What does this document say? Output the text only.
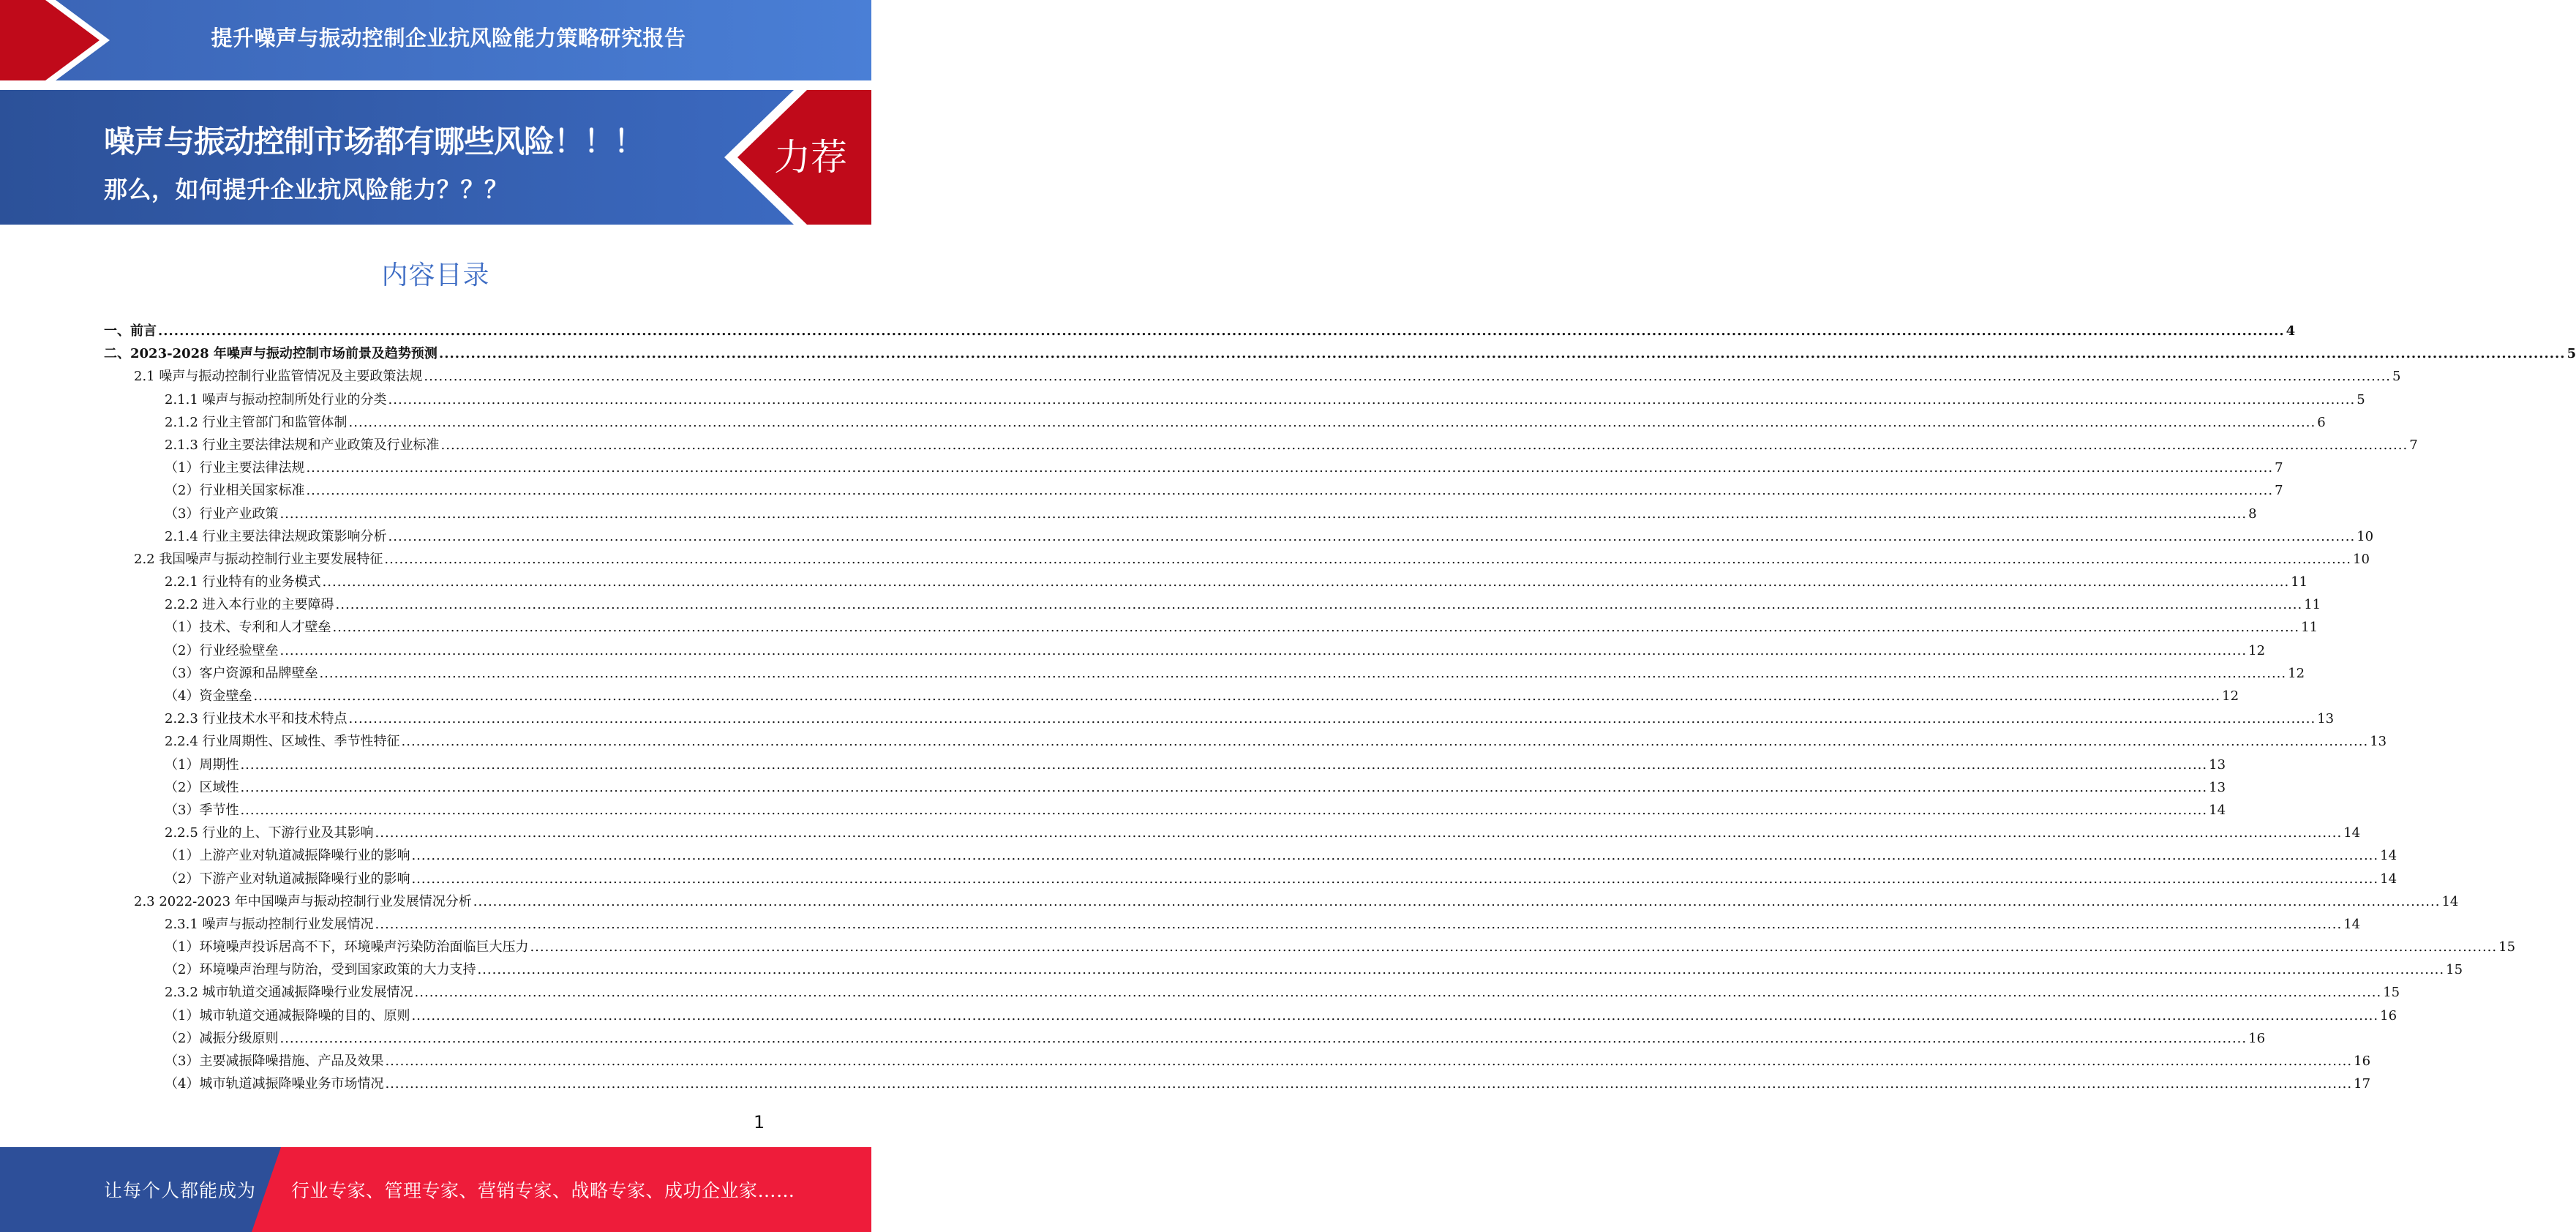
提升噪声与振动控制企业抗风险能力策略研究报告
噪声与振动控制市场都有哪些风险！！！
那么，如何提升企业抗风险能力？？？
力荐
内容目录
一、前言 ................................................................................................................................................................................................................................................................................................................................................................................................................ 4
二、2023-2028 年噪声与振动控制市场前景及趋势预测 ................................................................................................................................................................................................................................................................................................................................................................................................................ 5
2.1 噪声与振动控制行业监管情况及主要政策法规 ................................................................................................................................................................................................................................................................................................................................................................................................................ 5
2.1.1 噪声与振动控制所处行业的分类 ................................................................................................................................................................................................................................................................................................................................................................................................................ 5
2.1.2 行业主管部门和监管体制 ................................................................................................................................................................................................................................................................................................................................................................................................................ 6
2.1.3 行业主要法律法规和产业政策及行业标准 ................................................................................................................................................................................................................................................................................................................................................................................................................ 7
（1）行业主要法律法规 ................................................................................................................................................................................................................................................................................................................................................................................................................ 7
（2）行业相关国家标准 ................................................................................................................................................................................................................................................................................................................................................................................................................ 7
（3）行业产业政策 ................................................................................................................................................................................................................................................................................................................................................................................................................ 8
2.1.4 行业主要法律法规政策影响分析 ................................................................................................................................................................................................................................................................................................................................................................................................................ 10
2.2 我国噪声与振动控制行业主要发展特征 ................................................................................................................................................................................................................................................................................................................................................................................................................ 10
2.2.1 行业特有的业务模式 ................................................................................................................................................................................................................................................................................................................................................................................................................ 11
2.2.2 进入本行业的主要障碍 ................................................................................................................................................................................................................................................................................................................................................................................................................ 11
（1）技术、专利和人才壁垒 ................................................................................................................................................................................................................................................................................................................................................................................................................ 11
（2）行业经验壁垒 ................................................................................................................................................................................................................................................................................................................................................................................................................ 12
（3）客户资源和品牌壁垒 ................................................................................................................................................................................................................................................................................................................................................................................................................ 12
（4）资金壁垒 ................................................................................................................................................................................................................................................................................................................................................................................................................ 12
2.2.3 行业技术水平和技术特点 ................................................................................................................................................................................................................................................................................................................................................................................................................ 13
2.2.4 行业周期性、区域性、季节性特征 ................................................................................................................................................................................................................................................................................................................................................................................................................ 13
（1）周期性 ................................................................................................................................................................................................................................................................................................................................................................................................................ 13
（2）区域性 ................................................................................................................................................................................................................................................................................................................................................................................................................ 13
（3）季节性 ................................................................................................................................................................................................................................................................................................................................................................................................................ 14
2.2.5 行业的上、下游行业及其影响 ................................................................................................................................................................................................................................................................................................................................................................................................................ 14
（1）上游产业对轨道减振降噪行业的影响 ................................................................................................................................................................................................................................................................................................................................................................................................................ 14
（2）下游产业对轨道减振降噪行业的影响 ................................................................................................................................................................................................................................................................................................................................................................................................................ 14
2.3 2022-2023 年中国噪声与振动控制行业发展情况分析 ................................................................................................................................................................................................................................................................................................................................................................................................................ 14
2.3.1 噪声与振动控制行业发展情况 ................................................................................................................................................................................................................................................................................................................................................................................................................ 14
（1）环境噪声投诉居高不下，环境噪声污染防治面临巨大压力 ................................................................................................................................................................................................................................................................................................................................................................................................................ 15
（2）环境噪声治理与防治，受到国家政策的大力支持 ................................................................................................................................................................................................................................................................................................................................................................................................................ 15
2.3.2 城市轨道交通减振降噪行业发展情况 ................................................................................................................................................................................................................................................................................................................................................................................................................ 15
（1）城市轨道交通减振降噪的目的、原则 ................................................................................................................................................................................................................................................................................................................................................................................................................ 16
（2）减振分级原则 ................................................................................................................................................................................................................................................................................................................................................................................................................ 16
（3）主要减振降噪措施、产品及效果 ................................................................................................................................................................................................................................................................................................................................................................................................................ 16
（4）城市轨道减振降噪业务市场情况 ................................................................................................................................................................................................................................................................................................................................................................................................................ 17
1
让每个人都能成为 行业专家、管理专家、营销专家、战略专家、成功企业家……
